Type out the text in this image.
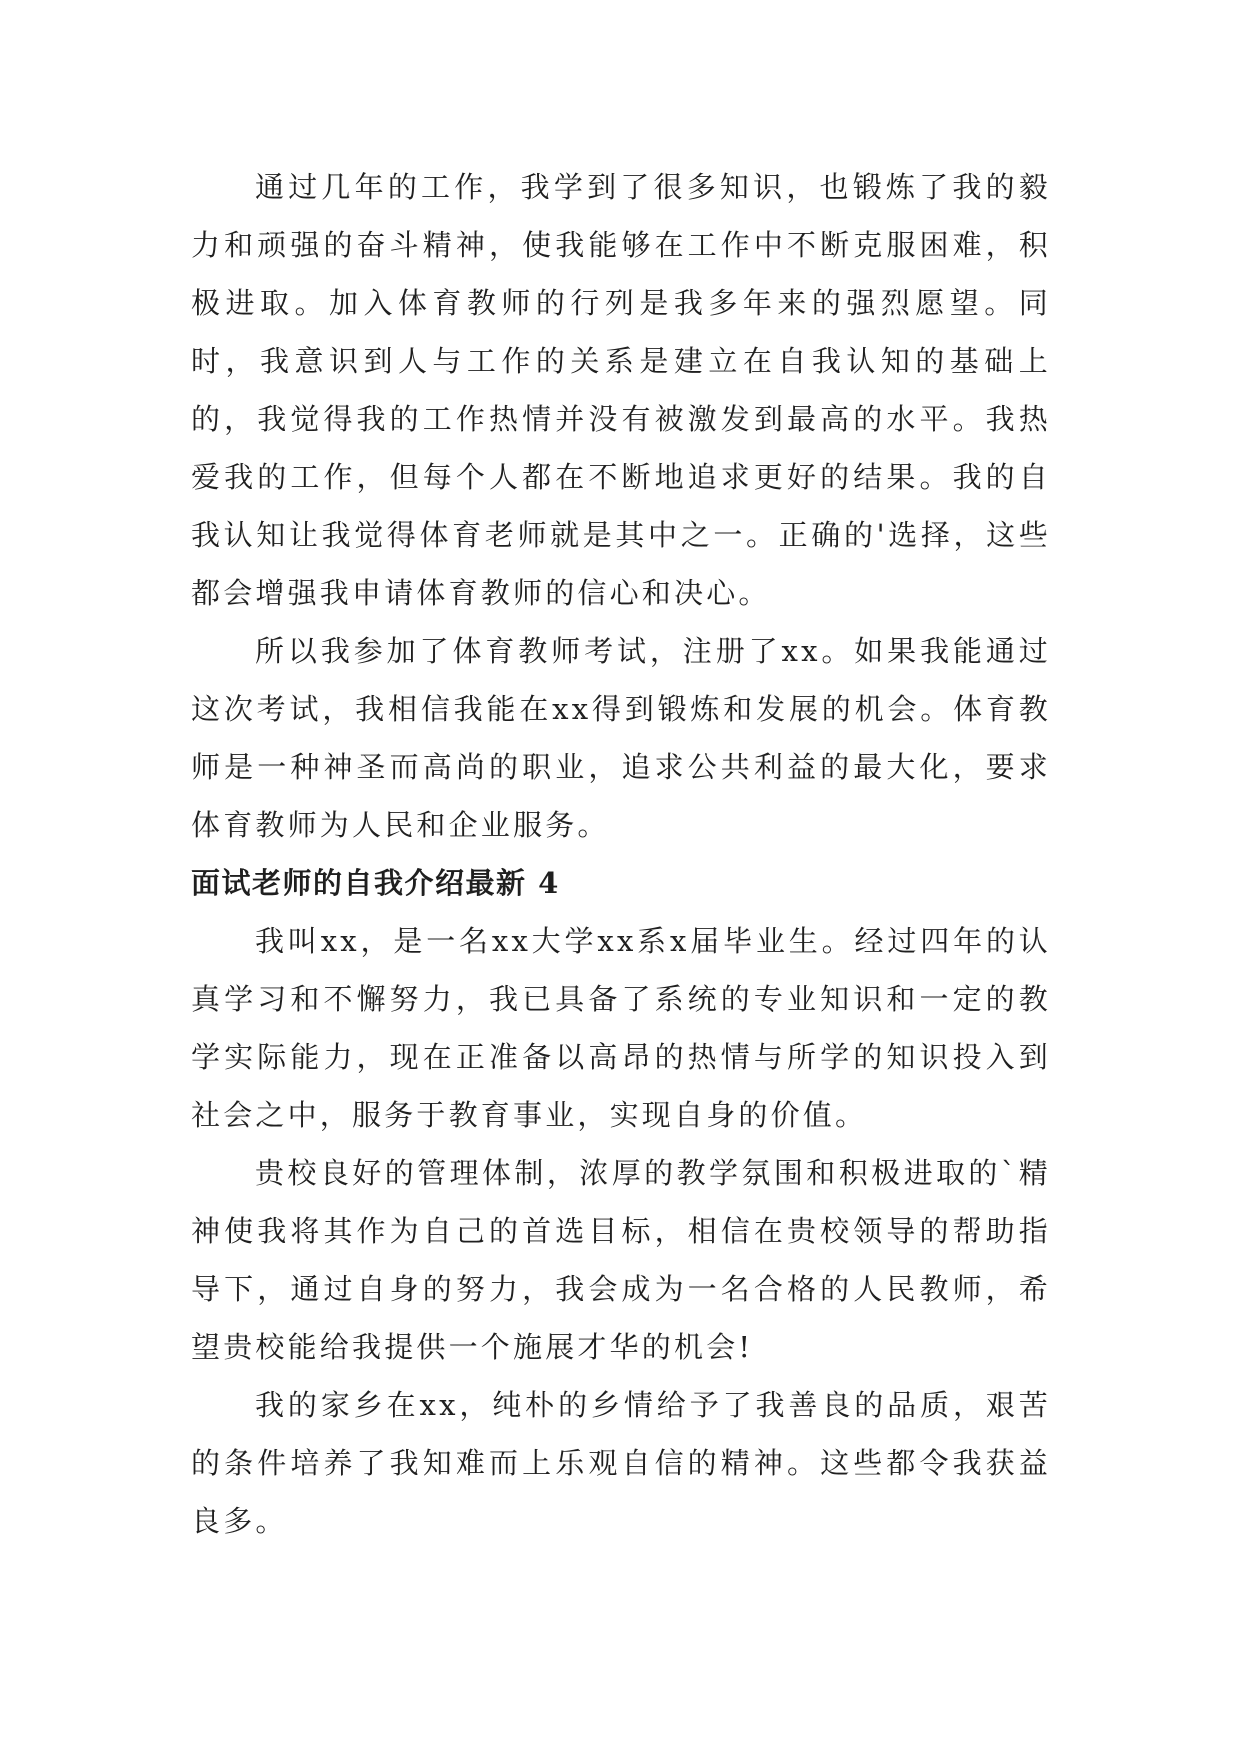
通过几年的工作，我学到了很多知识，也锻炼了我的毅力和顽强的奋斗精神，使我能够在工作中不断克服困难，积极进取。加入体育教师的行列是我多年来的强烈愿望。同时，我意识到人与工作的关系是建立在自我认知的基础上的，我觉得我的工作热情并没有被激发到最高的水平。我热爱我的工作，但每个人都在不断地追求更好的结果。我的自我认知让我觉得体育老师就是其中之一。正确的'选择，这些都会增强我申请体育教师的信心和决心。

所以我参加了体育教师考试，注册了xx。如果我能通过这次考试，我相信我能在xx得到锻炼和发展的机会。体育教师是一种神圣而高尚的职业，追求公共利益的最大化，要求体育教师为人民和企业服务。

面试老师的自我介绍最新 4

我叫xx，是一名xx大学xx系x届毕业生。经过四年的认真学习和不懈努力，我已具备了系统的专业知识和一定的教学实际能力，现在正准备以高昂的热情与所学的知识投入到社会之中，服务于教育事业，实现自身的价值。

贵校良好的管理体制，浓厚的教学氛围和积极进取的`精神使我将其作为自己的首选目标，相信在贵校领导的帮助指导下，通过自身的努力，我会成为一名合格的人民教师，希望贵校能给我提供一个施展才华的机会!

我的家乡在xx，纯朴的乡情给予了我善良的品质，艰苦的条件培养了我知难而上乐观自信的精神。这些都令我获益良多。
